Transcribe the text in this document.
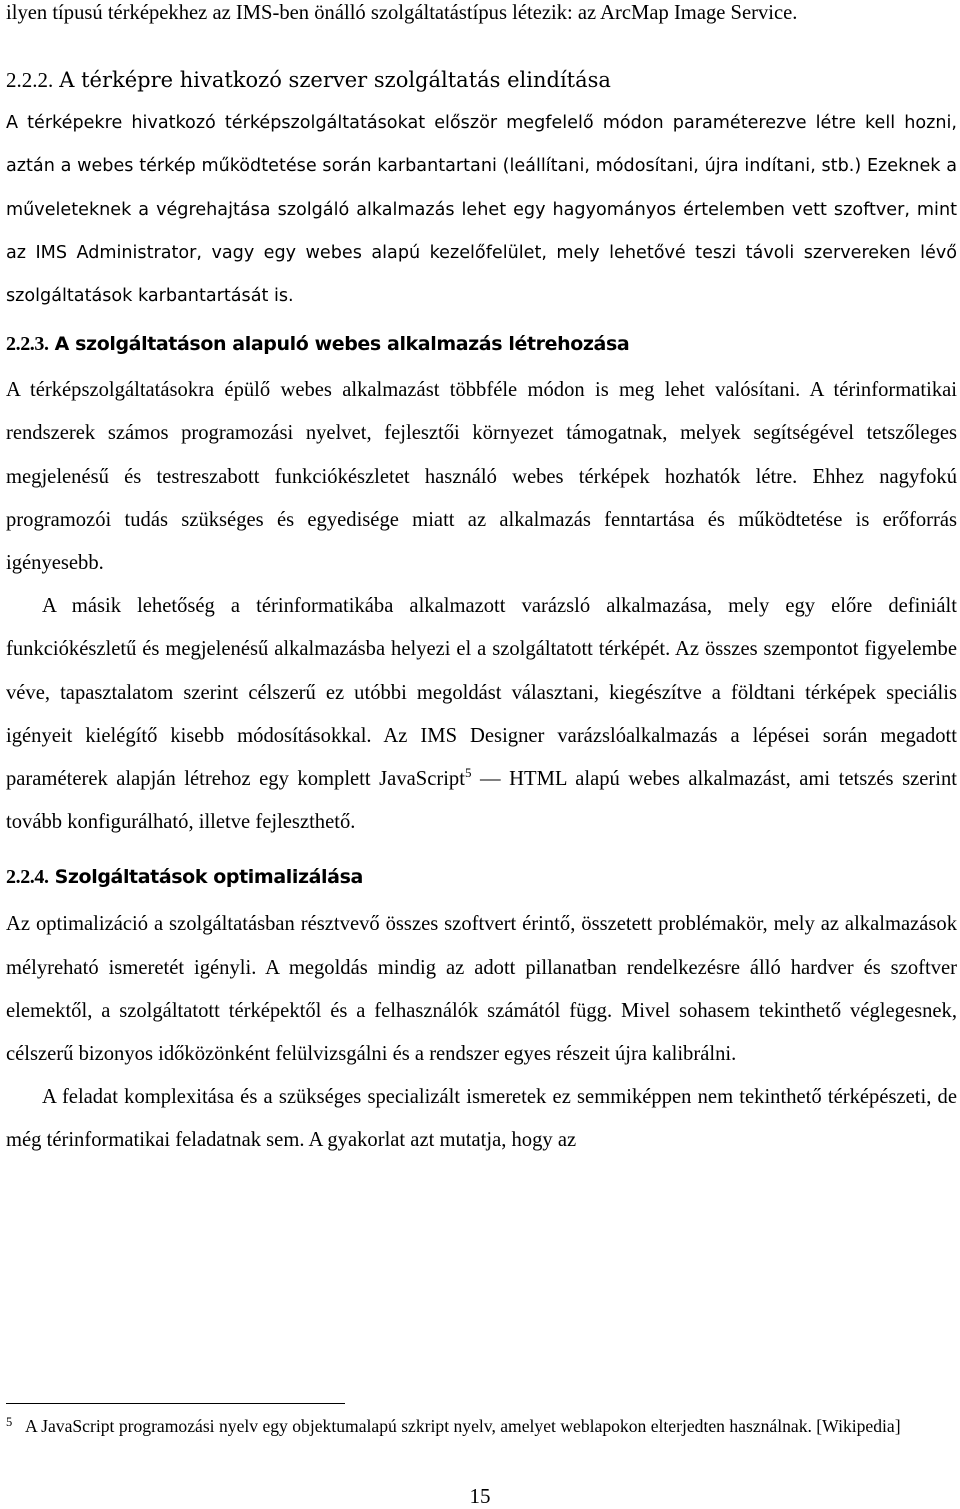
ilyen típusú térképekhez az IMS-ben önálló szolgáltatástípus létezik: az ArcMap Image Service.

2.2.2. A térképre hivatkozó szerver szolgáltatás elindítása

A térképekre hivatkozó térképszolgáltatásokat először megfelelő módon paraméterezve létre kell hozni, aztán a webes térkép működtetése során karbantartani (leállítani, módosítani, újra indítani, stb.) Ezeknek a műveleteknek a végrehajtása szolgáló alkalmazás lehet egy hagyományos értelemben vett szoftver, mint az IMS Administrator, vagy egy webes alapú kezelőfelület, mely lehetővé teszi távoli szervereken lévő szolgáltatások karbantartását is.

2.2.3. A szolgáltatáson alapuló webes alkalmazás létrehozása

A térképszolgáltatásokra épülő webes alkalmazást többféle módon is meg lehet valósítani. A térinformatikai rendszerek számos programozási nyelvet, fejlesztői környezet támogatnak, melyek segítségével tetszőleges megjelenésű és testreszabott funkciókészletet használó webes térképek hozhatók létre. Ehhez nagyfokú programozói tudás szükséges és egyedisége miatt az alkalmazás fenntartása és működtetése is erőforrás igényesebb.

A másik lehetőség a térinformatikába alkalmazott varázsló alkalmazása, mely egy előre definiált funkciókészletű és megjelenésű alkalmazásba helyezi el a szolgáltatott térképét. Az összes szempontot figyelembe véve, tapasztalatom szerint célszerű ez utóbbi megoldást választani, kiegészítve a földtani térképek speciális igényeit kielégítő kisebb módosításokkal. Az IMS Designer varázslóalkalmazás a lépései során megadott paraméterek alapján létrehoz egy komplett JavaScript$^5$ — HTML alapú webes alkalmazást, ami tetszés szerint tovább konfigurálható, illetve fejleszthető.

2.2.4. Szolgáltatások optimalizálása

Az optimalizáció a szolgáltatásban résztvevő összes szoftvert érintő, összetett problémakör, mely az alkalmazások mélyreható ismeretét igényli. A megoldás mindig az adott pillanatban rendelkezésre álló hardver és szoftver elemektől, a szolgáltatott térképektől és a felhasználók számától függ. Mivel sohasem tekinthető véglegesnek, célszerű bizonyos időközönként felülvizsgálni és a rendszer egyes részeit újra kalibrálni.

A feladat komplexitása és a szükséges specializált ismeretek ez semmiképpen nem tekinthető térképészeti, de még térinformatikai feladatnak sem. A gyakorlat azt mutatja, hogy az

5 A JavaScript programozási nyelv egy objektumalapú szkript nyelv, amelyet weblapokon elterjedten használnak. [Wikipedia]
15
